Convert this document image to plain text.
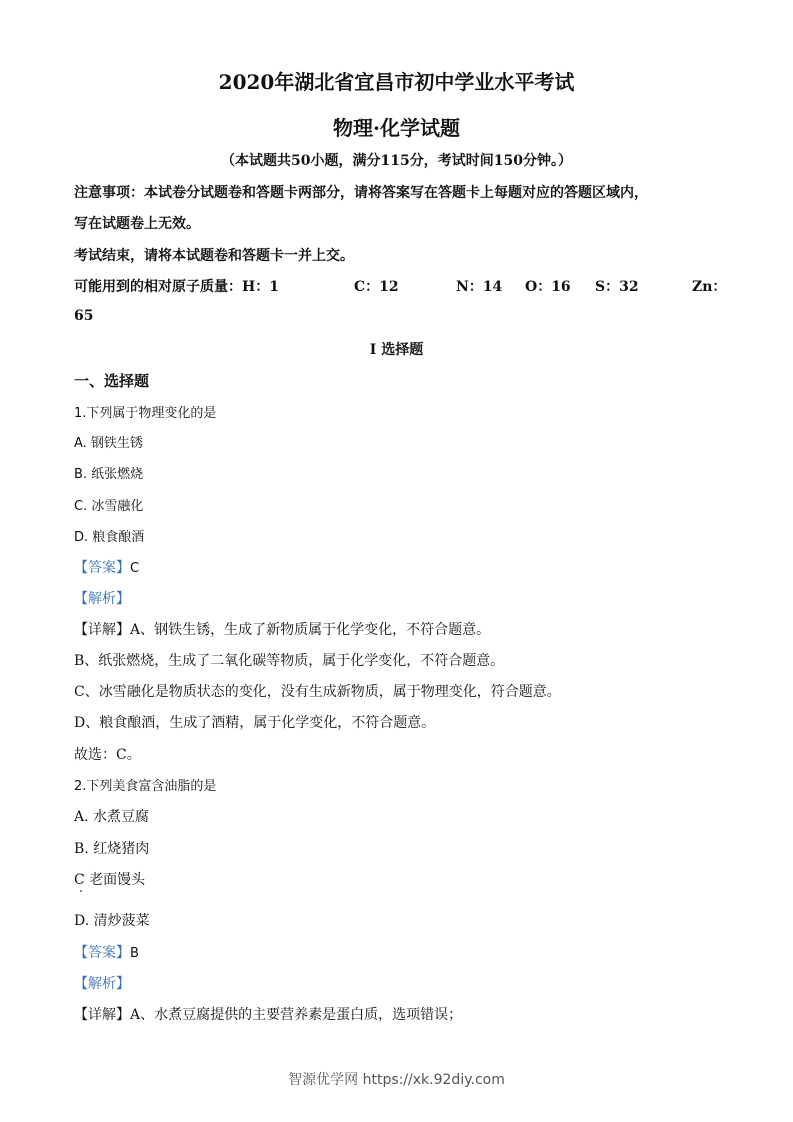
2020年湖北省宜昌市初中学业水平考试
物理·化学试题
（本试题共50小题，满分115分，考试时间150分钟。）
注意事项：本试卷分试题卷和答题卡两部分，请将答案写在答题卡上每题对应的答题区域内，
写在试题卷上无效。
考试结束，请将本试题卷和答题卡一并上交。
可能用到的相对原子质量：H：1	C：12	N：14 O：16 S：32	Zn：
65
I 选择题
一、选择题
1.下列属于物理变化的是
A. 钢铁生锈
B. 纸张燃烧
C. 冰雪融化
D. 粮食酿酒
【答案】C
【解析】
【详解】A、钢铁生锈，生成了新物质属于化学变化，不符合题意。
B、纸张燃烧，生成了二氧化碳等物质，属于化学变化，不符合题意。
C、冰雪融化是物质状态的变化，没有生成新物质，属于物理变化，符合题意。
D、粮食酿酒，生成了酒精，属于化学变化，不符合题意。
故选：C。
2.下列美食富含油脂的是
A. 水煮豆腐
B. 红烧猪肉
C 老面馒头
D. 清炒菠菜
【答案】B
【解析】
【详解】A、水煮豆腐提供的主要营养素是蛋白质，选项错误；
智源优学网 https://xk.92diy.com
